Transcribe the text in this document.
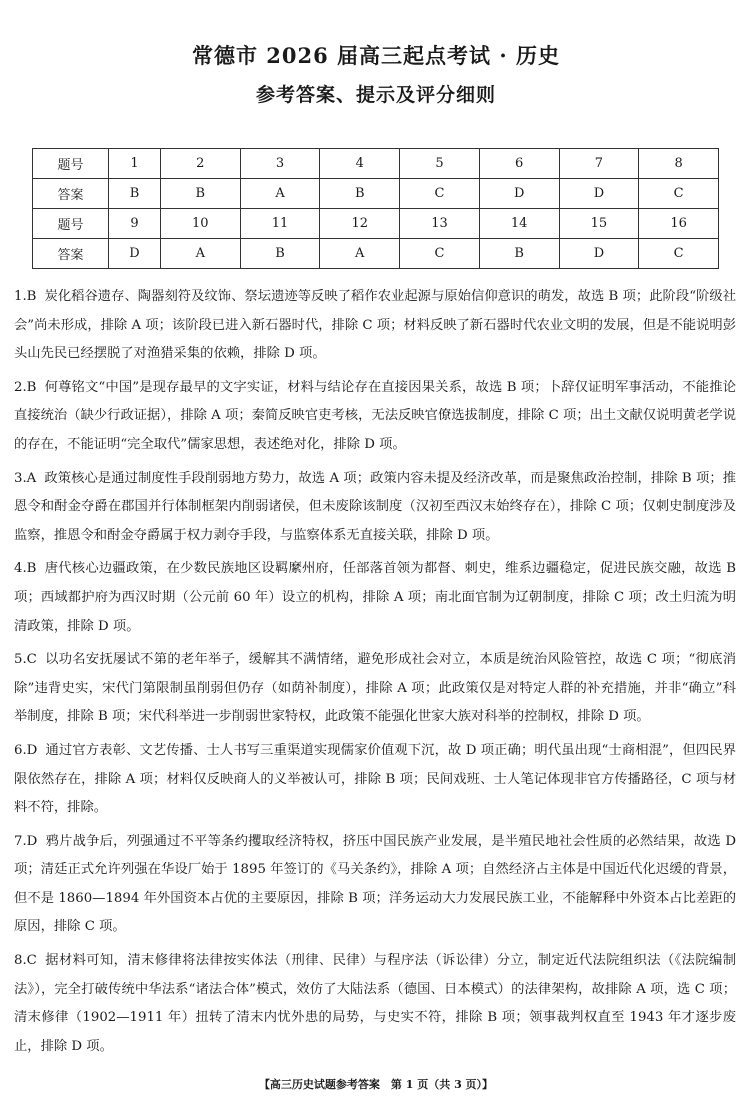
常德市 2026 届高三起点考试 · 历史
参考答案、提示及评分细则
题号	1	2	3	4	5	6	7	8
答案	B	B	A	B	C	D	D	C
题号	9	10	11	12	13	14	15	16
答案	D	A	B	A	C	B	D	C
1.B 炭化稻谷遗存、陶器刻符及纹饰、祭坛遗迹等反映了稻作农业起源与原始信仰意识的萌发，故选 B 项；此阶段“阶级社会”尚未形成，排除 A 项；该阶段已进入新石器时代，排除 C 项；材料反映了新石器时代农业文明的发展，但是不能说明彭头山先民已经摆脱了对渔猎采集的依赖，排除 D 项。
2.B 何尊铭文“中国”是现存最早的文字实证，材料与结论存在直接因果关系，故选 B 项；卜辞仅证明军事活动，不能推论直接统治（缺少行政证据），排除 A 项；秦简反映官吏考核，无法反映官僚选拔制度，排除 C 项；出土文献仅说明黄老学说的存在，不能证明“完全取代”儒家思想，表述绝对化，排除 D 项。
3.A 政策核心是通过制度性手段削弱地方势力，故选 A 项；政策内容未提及经济改革，而是聚焦政治控制，排除 B 项；推恩令和酎金夺爵在郡国并行体制框架内削弱诸侯，但未废除该制度（汉初至西汉末始终存在），排除 C 项；仅刺史制度涉及监察，推恩令和酎金夺爵属于权力剥夺手段，与监察体系无直接关联，排除 D 项。
4.B 唐代核心边疆政策，在少数民族地区设羁縻州府，任部落首领为都督、刺史，维系边疆稳定，促进民族交融，故选 B 项；西域都护府为西汉时期（公元前 60 年）设立的机构，排除 A 项；南北面官制为辽朝制度，排除 C 项；改土归流为明清政策，排除 D 项。
5.C 以功名安抚屡试不第的老年举子，缓解其不满情绪，避免形成社会对立，本质是统治风险管控，故选 C 项；“彻底消除”违背史实，宋代门第限制虽削弱但仍存（如荫补制度），排除 A 项；此政策仅是对特定人群的补充措施，并非“确立”科举制度，排除 B 项；宋代科举进一步削弱世家特权，此政策不能强化世家大族对科举的控制权，排除 D 项。
6.D 通过官方表彰、文艺传播、士人书写三重渠道实现儒家价值观下沉，故 D 项正确；明代虽出现“士商相混”，但四民界限依然存在，排除 A 项；材料仅反映商人的义举被认可，排除 B 项；民间戏班、士人笔记体现非官方传播路径，C 项与材料不符，排除。
7.D 鸦片战争后，列强通过不平等条约攫取经济特权，挤压中国民族产业发展，是半殖民地社会性质的必然结果，故选 D 项；清廷正式允许列强在华设厂始于 1895 年签订的《马关条约》，排除 A 项；自然经济占主体是中国近代化迟缓的背景，但不是 1860—1894 年外国资本占优的主要原因，排除 B 项；洋务运动大力发展民族工业，不能解释中外资本占比差距的原因，排除 C 项。
8.C 据材料可知，清末修律将法律按实体法（刑律、民律）与程序法（诉讼律）分立，制定近代法院组织法（《法院编制法》），完全打破传统中华法系“诸法合体”模式，效仿了大陆法系（德国、日本模式）的法律架构，故排除 A 项，选 C 项；清末修律（1902—1911 年）扭转了清末内忧外患的局势，与史实不符，排除 B 项；领事裁判权直至 1943 年才逐步废止，排除 D 项。
【高三历史试题参考答案　第 1 页（共 3 页）】
